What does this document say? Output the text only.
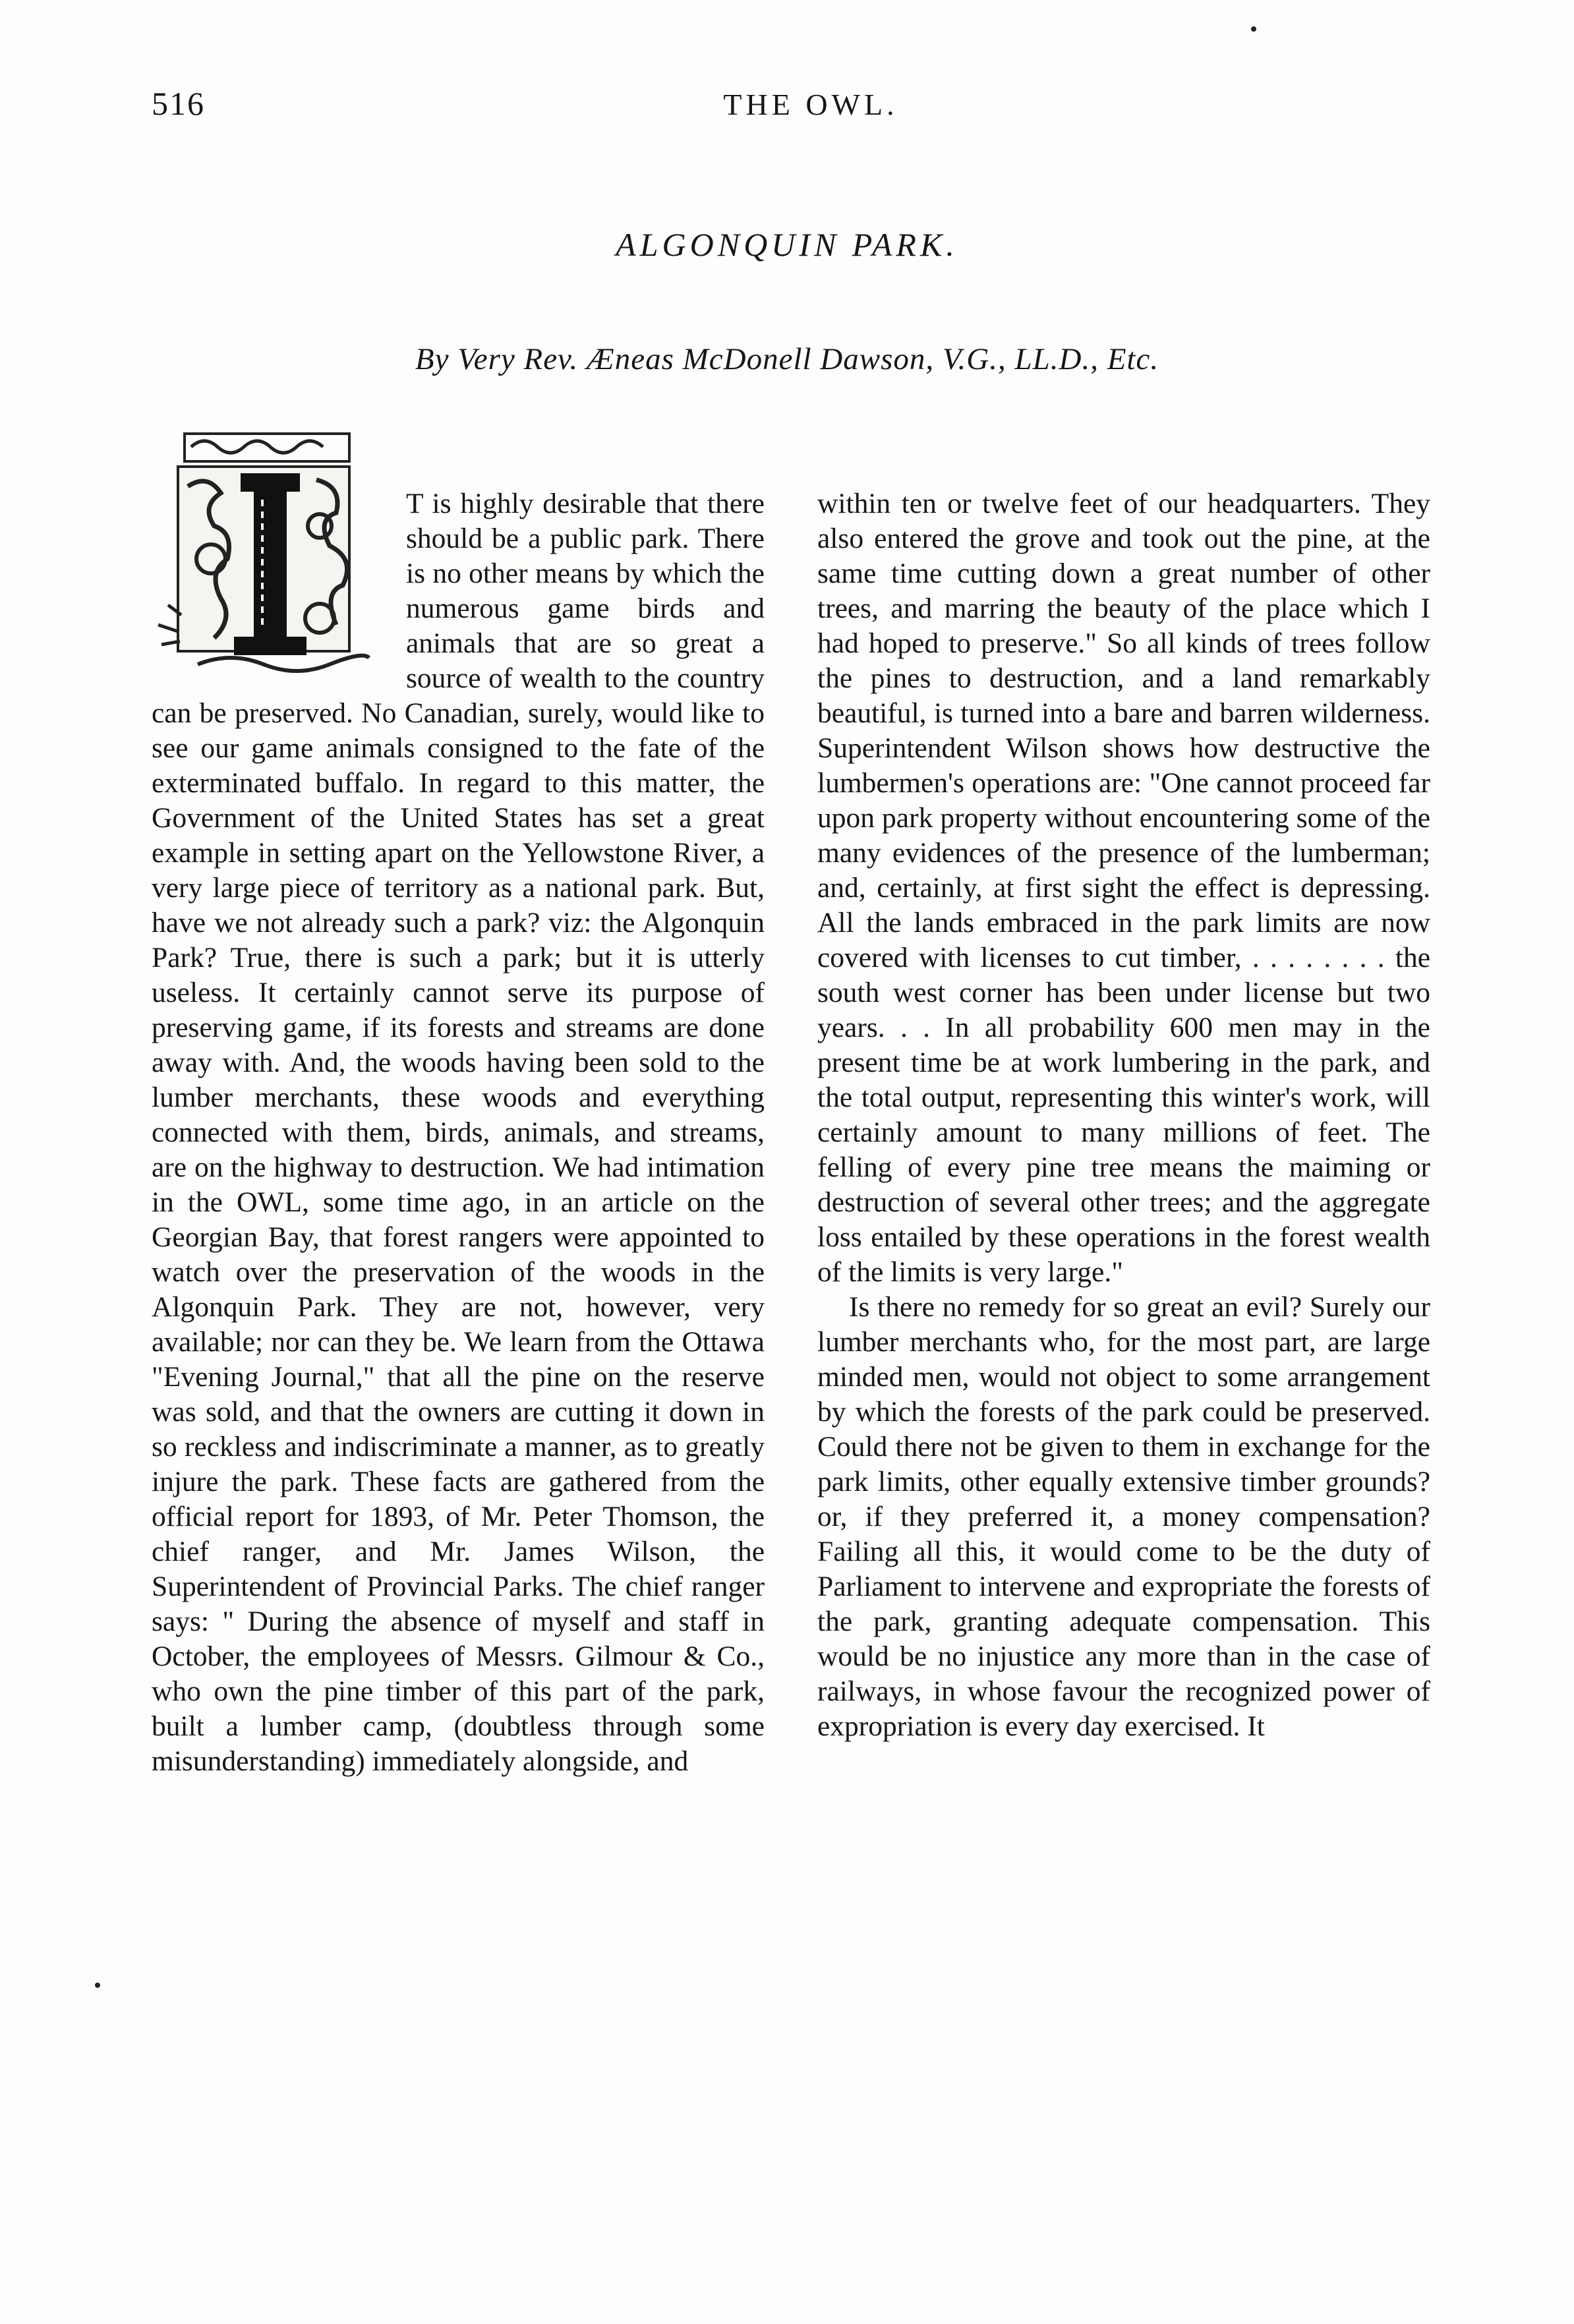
516	THE OWL.
ALGONQUIN PARK.
By Very Rev. Æneas McDonell Dawson, V.G., LL.D., Etc.
I

T is highly desirable that there should be a public park. There is no other means by which the numerous game birds and animals that are so great a source of wealth to the country can be preserved. No Canadian, surely, would like to see our game animals consigned to the fate of the exterminated buffalo. In regard to this matter, the Government of the United States has set a great example in setting apart on the Yellowstone River, a very large piece of territory as a national park. But, have we not already such a park? viz: the Algonquin Park? True, there is such a park; but it is utterly useless. It certainly cannot serve its purpose of preserving game, if its forests and streams are done away with. And, the woods having been sold to the lumber merchants, these woods and everything connected with them, birds, animals, and streams, are on the highway to destruction. We had intimation in the OWL, some time ago, in an article on the Georgian Bay, that forest rangers were appointed to watch over the preservation of the woods in the Algonquin Park. They are not, however, very available; nor can they be. We learn from the Ottawa "Evening Journal," that all the pine on the reserve was sold, and that the owners are cutting it down in so reckless and indiscriminate a manner, as to greatly injure the park. These facts are gathered from the official report for 1893, of Mr. Peter Thomson, the chief ranger, and Mr. James Wilson, the Superintendent of Provincial Parks. The chief ranger says: " During the absence of myself and staff in October, the employees of Messrs. Gilmour & Co., who own the pine timber of this part of the park, built a lumber camp, (doubtless through some misunderstanding) immediately alongside, and

within ten or twelve feet of our headquarters. They also entered the grove and took out the pine, at the same time cutting down a great number of other trees, and marring the beauty of the place which I had hoped to preserve." So all kinds of trees follow the pines to destruction, and a land remarkably beautiful, is turned into a bare and barren wilderness. Superintendent Wilson shows how destructive the lumbermen's operations are: "One cannot proceed far upon park property without encountering some of the many evidences of the presence of the lumberman; and, certainly, at first sight the effect is depressing. All the lands embraced in the park limits are now covered with licenses to cut timber, . . . . . . . . the south west corner has been under license but two years. . . In all probability 600 men may in the present time be at work lumbering in the park, and the total output, representing this winter's work, will certainly amount to many millions of feet. The felling of every pine tree means the maiming or destruction of several other trees; and the aggregate loss entailed by these operations in the forest wealth of the limits is very large."

Is there no remedy for so great an evil? Surely our lumber merchants who, for the most part, are large minded men, would not object to some arrangement by which the forests of the park could be preserved. Could there not be given to them in exchange for the park limits, other equally extensive timber grounds? or, if they preferred it, a money compensation? Failing all this, it would come to be the duty of Parliament to intervene and expropriate the forests of the park, granting adequate compensation. This would be no injustice any more than in the case of railways, in whose favour the recognized power of expropriation is every day exercised. It
